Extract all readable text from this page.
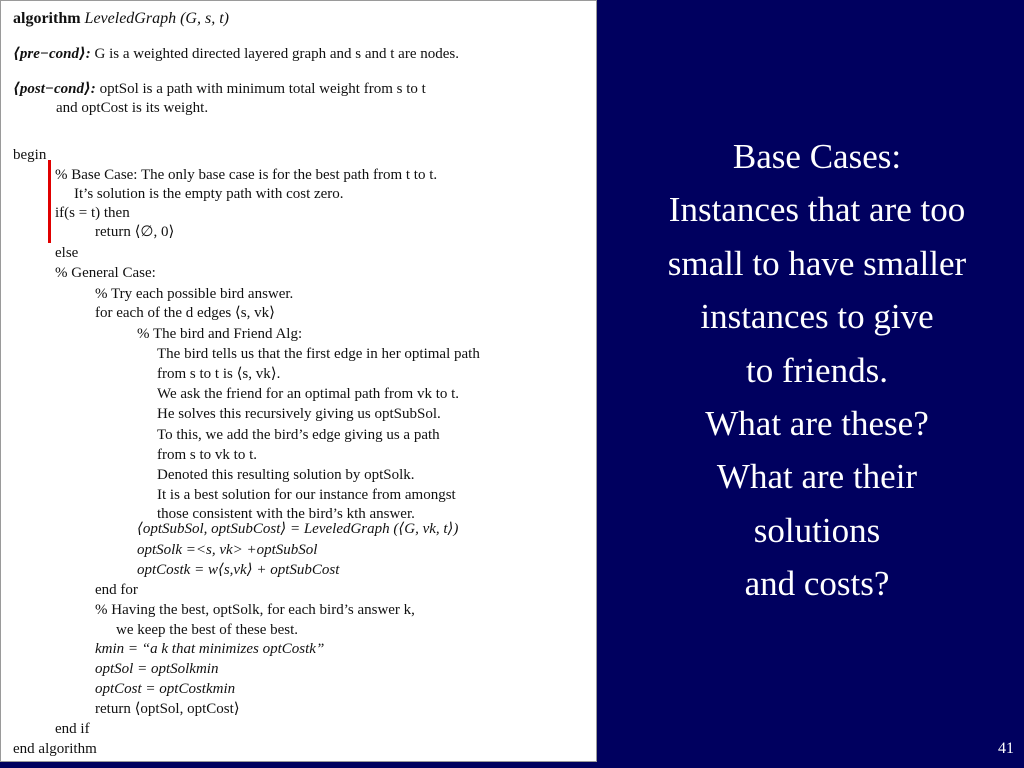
algorithm LeveledGraph (G, s, t)
⟨pre−cond⟩: G is a weighted directed layered graph and s and t are nodes.
⟨post−cond⟩: optSol is a path with minimum total weight from s to t
and optCost is its weight.
begin
% Base Case: The only base case is for the best path from t to t.
It’s solution is the empty path with cost zero.
if(s = t) then
return ⟨∅, 0⟩
else
% General Case:
% Try each possible bird answer.
for each of the d edges ⟨s, vk⟩
% The bird and Friend Alg:
The bird tells us that the first edge in her optimal path
from s to t is ⟨s, vk⟩.
We ask the friend for an optimal path from vk to t.
He solves this recursively giving us optSubSol.
To this, we add the bird’s edge giving us a path
from s to vk to t.
Denoted this resulting solution by optSolk.
It is a best solution for our instance from amongst
those consistent with the bird’s kth answer.
⟨optSubSol, optSubCost⟩ = LeveledGraph (⟨G, vk, t⟩)
optSolk =<s, vk> +optSubSol
optCostk = w⟨s,vk⟩ + optSubCost
end for
% Having the best, optSolk, for each bird’s answer k,
we keep the best of these best.
kmin = “a k that minimizes optCostk”
optSol = optSolkmin
optCost = optCostkmin
return ⟨optSol, optCost⟩
end if
end algorithm
Base Cases:
Instances that are too
small to have smaller
instances to give
to friends.
What are these?
What are their
solutions
and costs?
41
